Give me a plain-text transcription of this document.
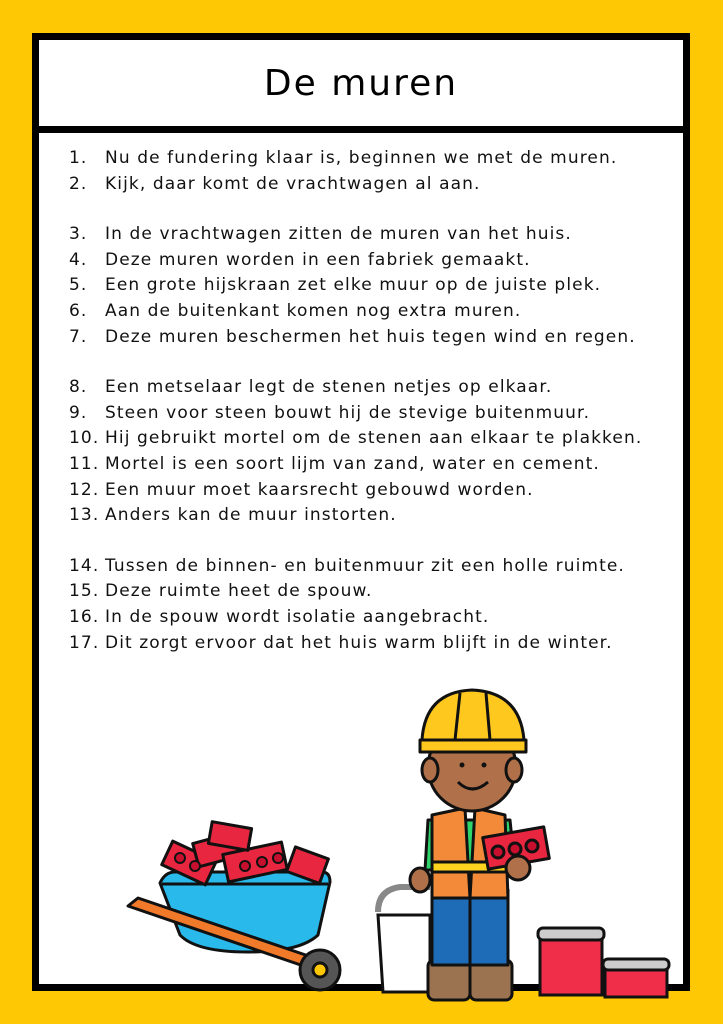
De muren
1.	Nu de fundering klaar is, beginnen we met de muren.
2.	Kijk, daar komt de vrachtwagen al aan.
3.	In de vrachtwagen zitten de muren van het huis.
4.	Deze muren worden in een fabriek gemaakt.
5.	Een grote hijskraan zet elke muur op de juiste plek.
6.	Aan de buitenkant komen nog extra muren.
7.	Deze muren beschermen het huis tegen wind en regen.
8.	Een metselaar legt de stenen netjes op elkaar.
9.	Steen voor steen bouwt hij de stevige buitenmuur.
10. Hij gebruikt mortel om de stenen aan elkaar te plakken.
11. Mortel is een soort lijm van zand, water en cement.
12. Een muur moet kaarsrecht gebouwd worden.
13. Anders kan de muur instorten.
14. Tussen de binnen- en buitenmuur zit een holle ruimte.
15. Deze ruimte heet de spouw.
16. In de spouw wordt isolatie aangebracht.
17. Dit zorgt ervoor dat het huis warm blijft in de winter.
